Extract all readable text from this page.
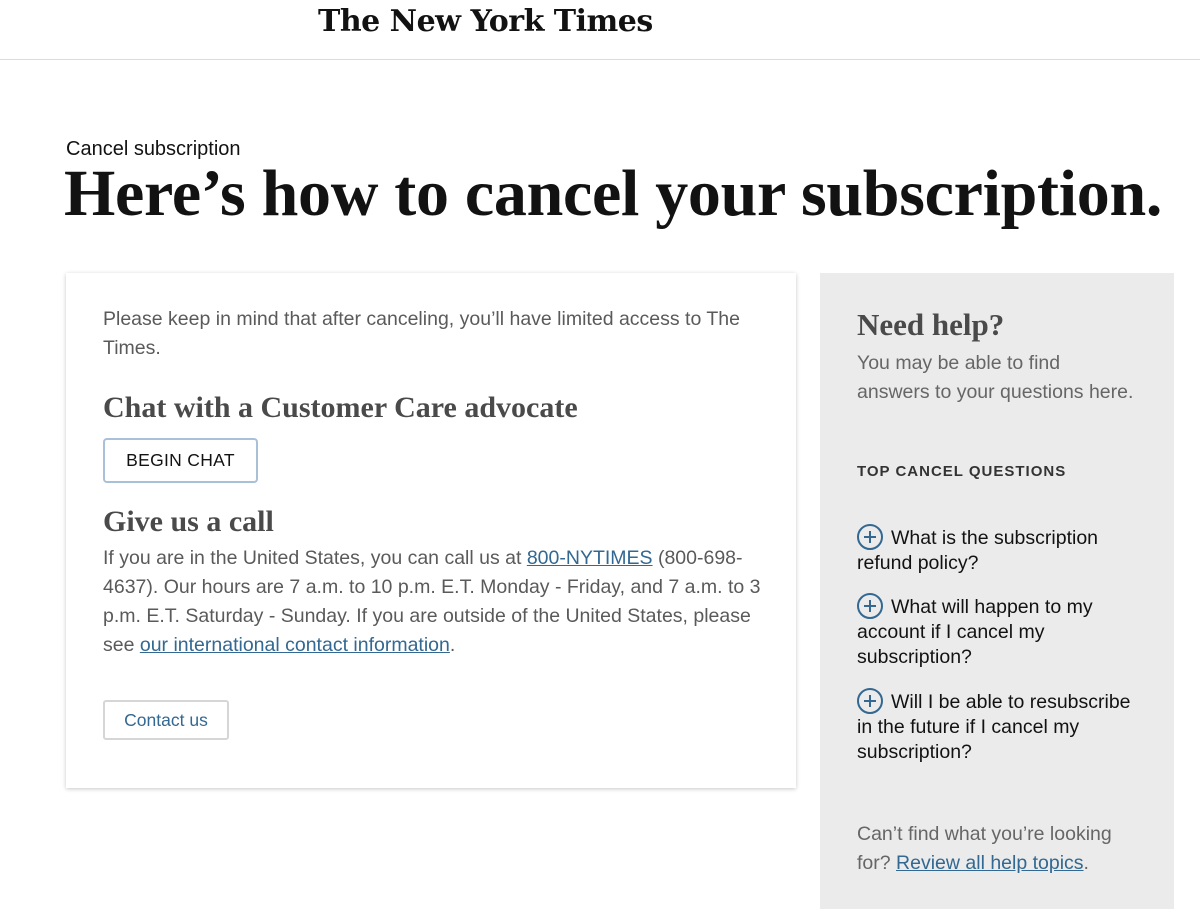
The New York Times
Cancel subscription
Here’s how to cancel your subscription.

Please keep in mind that after canceling, you’ll have limited access to The Times.

Chat with a Customer Care advocate
BEGIN CHAT
Give us a call

If you are in the United States, you can call us at 800-NYTIMES (800-698-4637). Our hours are 7 a.m. to 10 p.m. E.T. Monday - Friday, and 7 a.m. to 3 p.m. E.T. Saturday - Sunday. If you are outside of the United States, please see our international contact information.

Contact us
Need help?

You may be able to find answers to your questions here.

TOP CANCEL QUESTIONS
What is the subscription refund policy?
What will happen to my account if I cancel my subscription?
Will I be able to resubscribe in the future if I cancel my subscription?

Can’t find what you’re looking for? Review all help topics.
